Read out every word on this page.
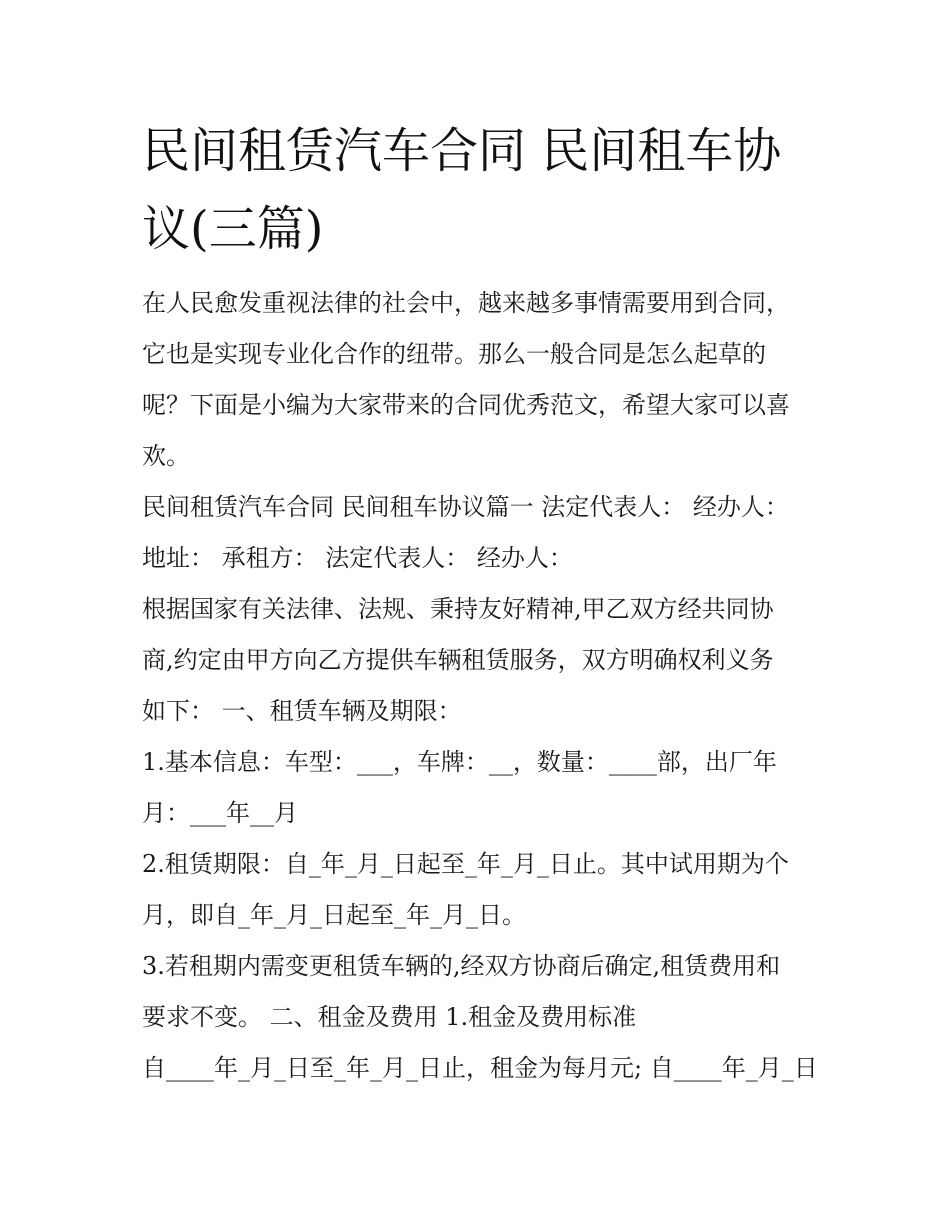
民间租赁汽车合同 民间租车协
议(三篇)
在人民愈发重视法律的社会中，越来越多事情需要用到合同，
它也是实现专业化合作的纽带。那么一般合同是怎么起草的
呢？下面是小编为大家带来的合同优秀范文，希望大家可以喜
欢。
民间租赁汽车合同 民间租车协议篇一 法定代表人： 经办人：
地址： 承租方： 法定代表人： 经办人：
根据国家有关法律、法规、秉持友好精神,甲乙双方经共同协
商,约定由甲方向乙方提供车辆租赁服务，双方明确权利义务
如下： 一、租赁车辆及期限：
1.基本信息：车型：___，车牌：__，数量：____部，出厂年
月：___年__月
2.租赁期限：自_年_月_日起至_年_月_日止。其中试用期为个
月，即自_年_月_日起至_年_月_日。
3.若租期内需变更租赁车辆的,经双方协商后确定,租赁费用和
要求不变。 二、租金及费用 1.租金及费用标准
自____年_月_日至_年_月_日止，租金为每月元; 自____年_月_日
